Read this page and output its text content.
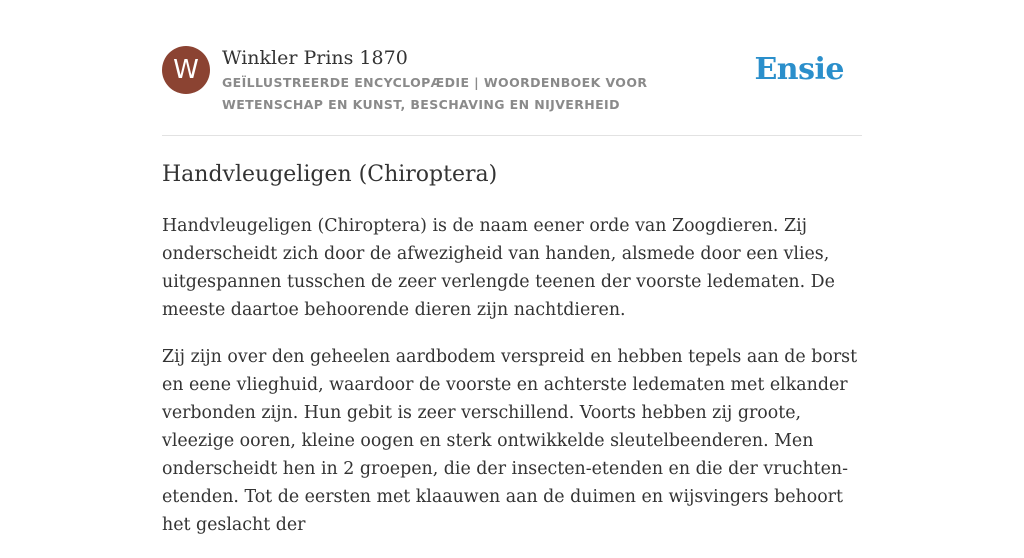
W	Winkler Prins 1870
GEÏLLUSTREERDE ENCYCLOPÆDIE | WOORDENBOEK VOOR WETENSCHAP EN KUNST, BESCHAVING EN NIJVERHEID
Ensie
Handvleugeligen (Chiroptera)

Handvleugeligen (Chiroptera) is de naam eener orde van Zoogdieren. Zij onderscheidt zich door de afwezigheid van handen, alsmede door een vlies, uitgespannen tusschen de zeer verlengde teenen der voorste ledematen. De meeste daartoe behoorende dieren zijn nachtdieren.

Zij zijn over den geheelen aardbodem verspreid en hebben tepels aan de borst en eene vlieghuid, waardoor de voorste en achterste ledematen met elkander verbonden zijn. Hun gebit is zeer verschillend. Voorts hebben zij groote, vleezige ooren, kleine oogen en sterk ontwikkelde sleutelbeenderen. Men onderscheidt hen in 2 groepen, die der insecten-etenden en die der vruchten-etenden. Tot de eersten met klaauwen aan de duimen en wijsvingers behoort het geslacht der
